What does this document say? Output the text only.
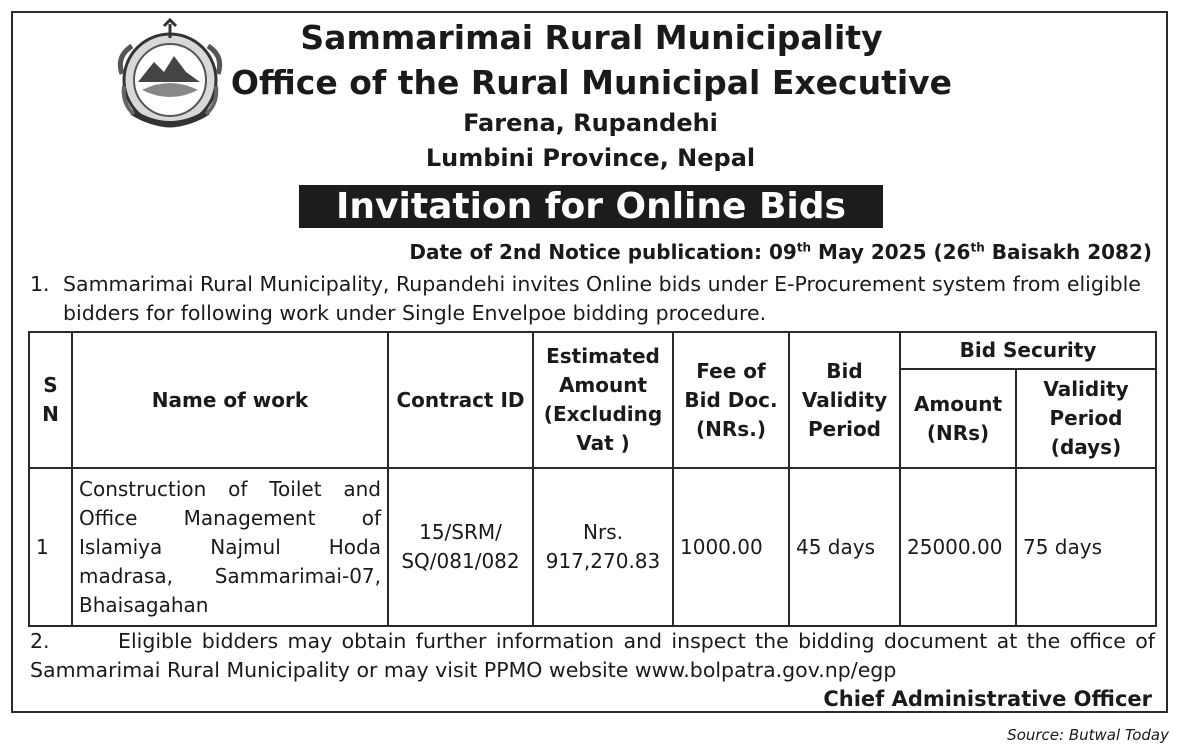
Sammarimai Rural Municipality
Office of the Rural Municipal Executive
Farena, Rupandehi
Lumbini Province, Nepal
Invitation for Online Bids
Date of 2nd Notice publication: 09th May 2025 (26th Baisakh 2082)
1. Sammarimai Rural Municipality, Rupandehi invites Online bids under E-Procurement system from eligible bidders for following work under Single Envelpoe bidding procedure.
S N	Name of work	Contract ID	Estimated Amount (Excluding Vat )	Fee of Bid Doc. (NRs.)	Bid Validity Period	Bid Security	
						Amount (NRs)	Validity Period (days)
1	Construction of Toilet and Office Management of Islamiya Najmul Hoda madrasa, Sammarimai-07, Bhaisagahan	15/SRM/ SQ/081/082	Nrs. 917,270.83	1000.00	45 days	25000.00	75 days
2.	Eligible bidders may obtain further information and inspect the bidding document at the office of Sammarimai Rural Municipality or may visit PPMO website www.bolpatra.gov.np/egp
Chief Administrative Officer
Source: Butwal Today
